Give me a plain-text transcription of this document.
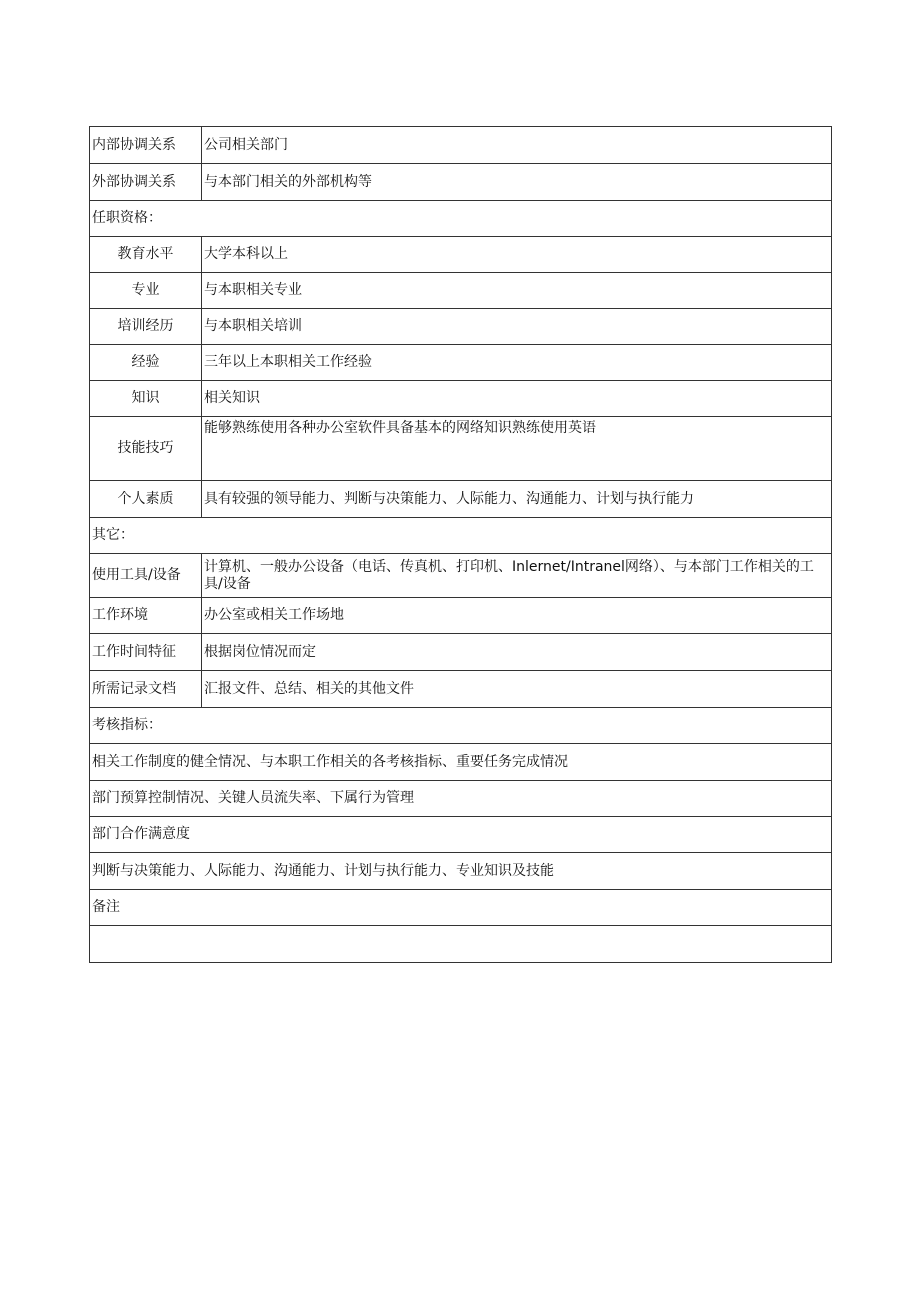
内部协调关系	公司相关部门
外部协调关系	与本部门相关的外部机构等
任职资格：	
教育水平	大学本科以上
专业	与本职相关专业
培训经历	与本职相关培训
经验	三年以上本职相关工作经验
知识	相关知识
技能技巧	能够熟练使用各种办公室软件具备基本的网络知识熟练使用英语
个人素质	具有较强的领导能力、判断与决策能力、人际能力、沟通能力、计划与执行能力
其它：	
使用工具/设备	计算机、一般办公设备（电话、传真机、打印机、Inlernet/Intranel网络）、与本部门工作相关的工具/设备
工作环境	办公室或相关工作场地
工作时间特征	根据岗位情况而定
所需记录文档	汇报文件、总结、相关的其他文件
考核指标：	
相关工作制度的健全情况、与本职工作相关的各考核指标、重要任务完成情况	
部门预算控制情况、关键人员流失率、下属行为管理	
部门合作满意度	
判断与决策能力、人际能力、沟通能力、计划与执行能力、专业知识及技能	
备注	
